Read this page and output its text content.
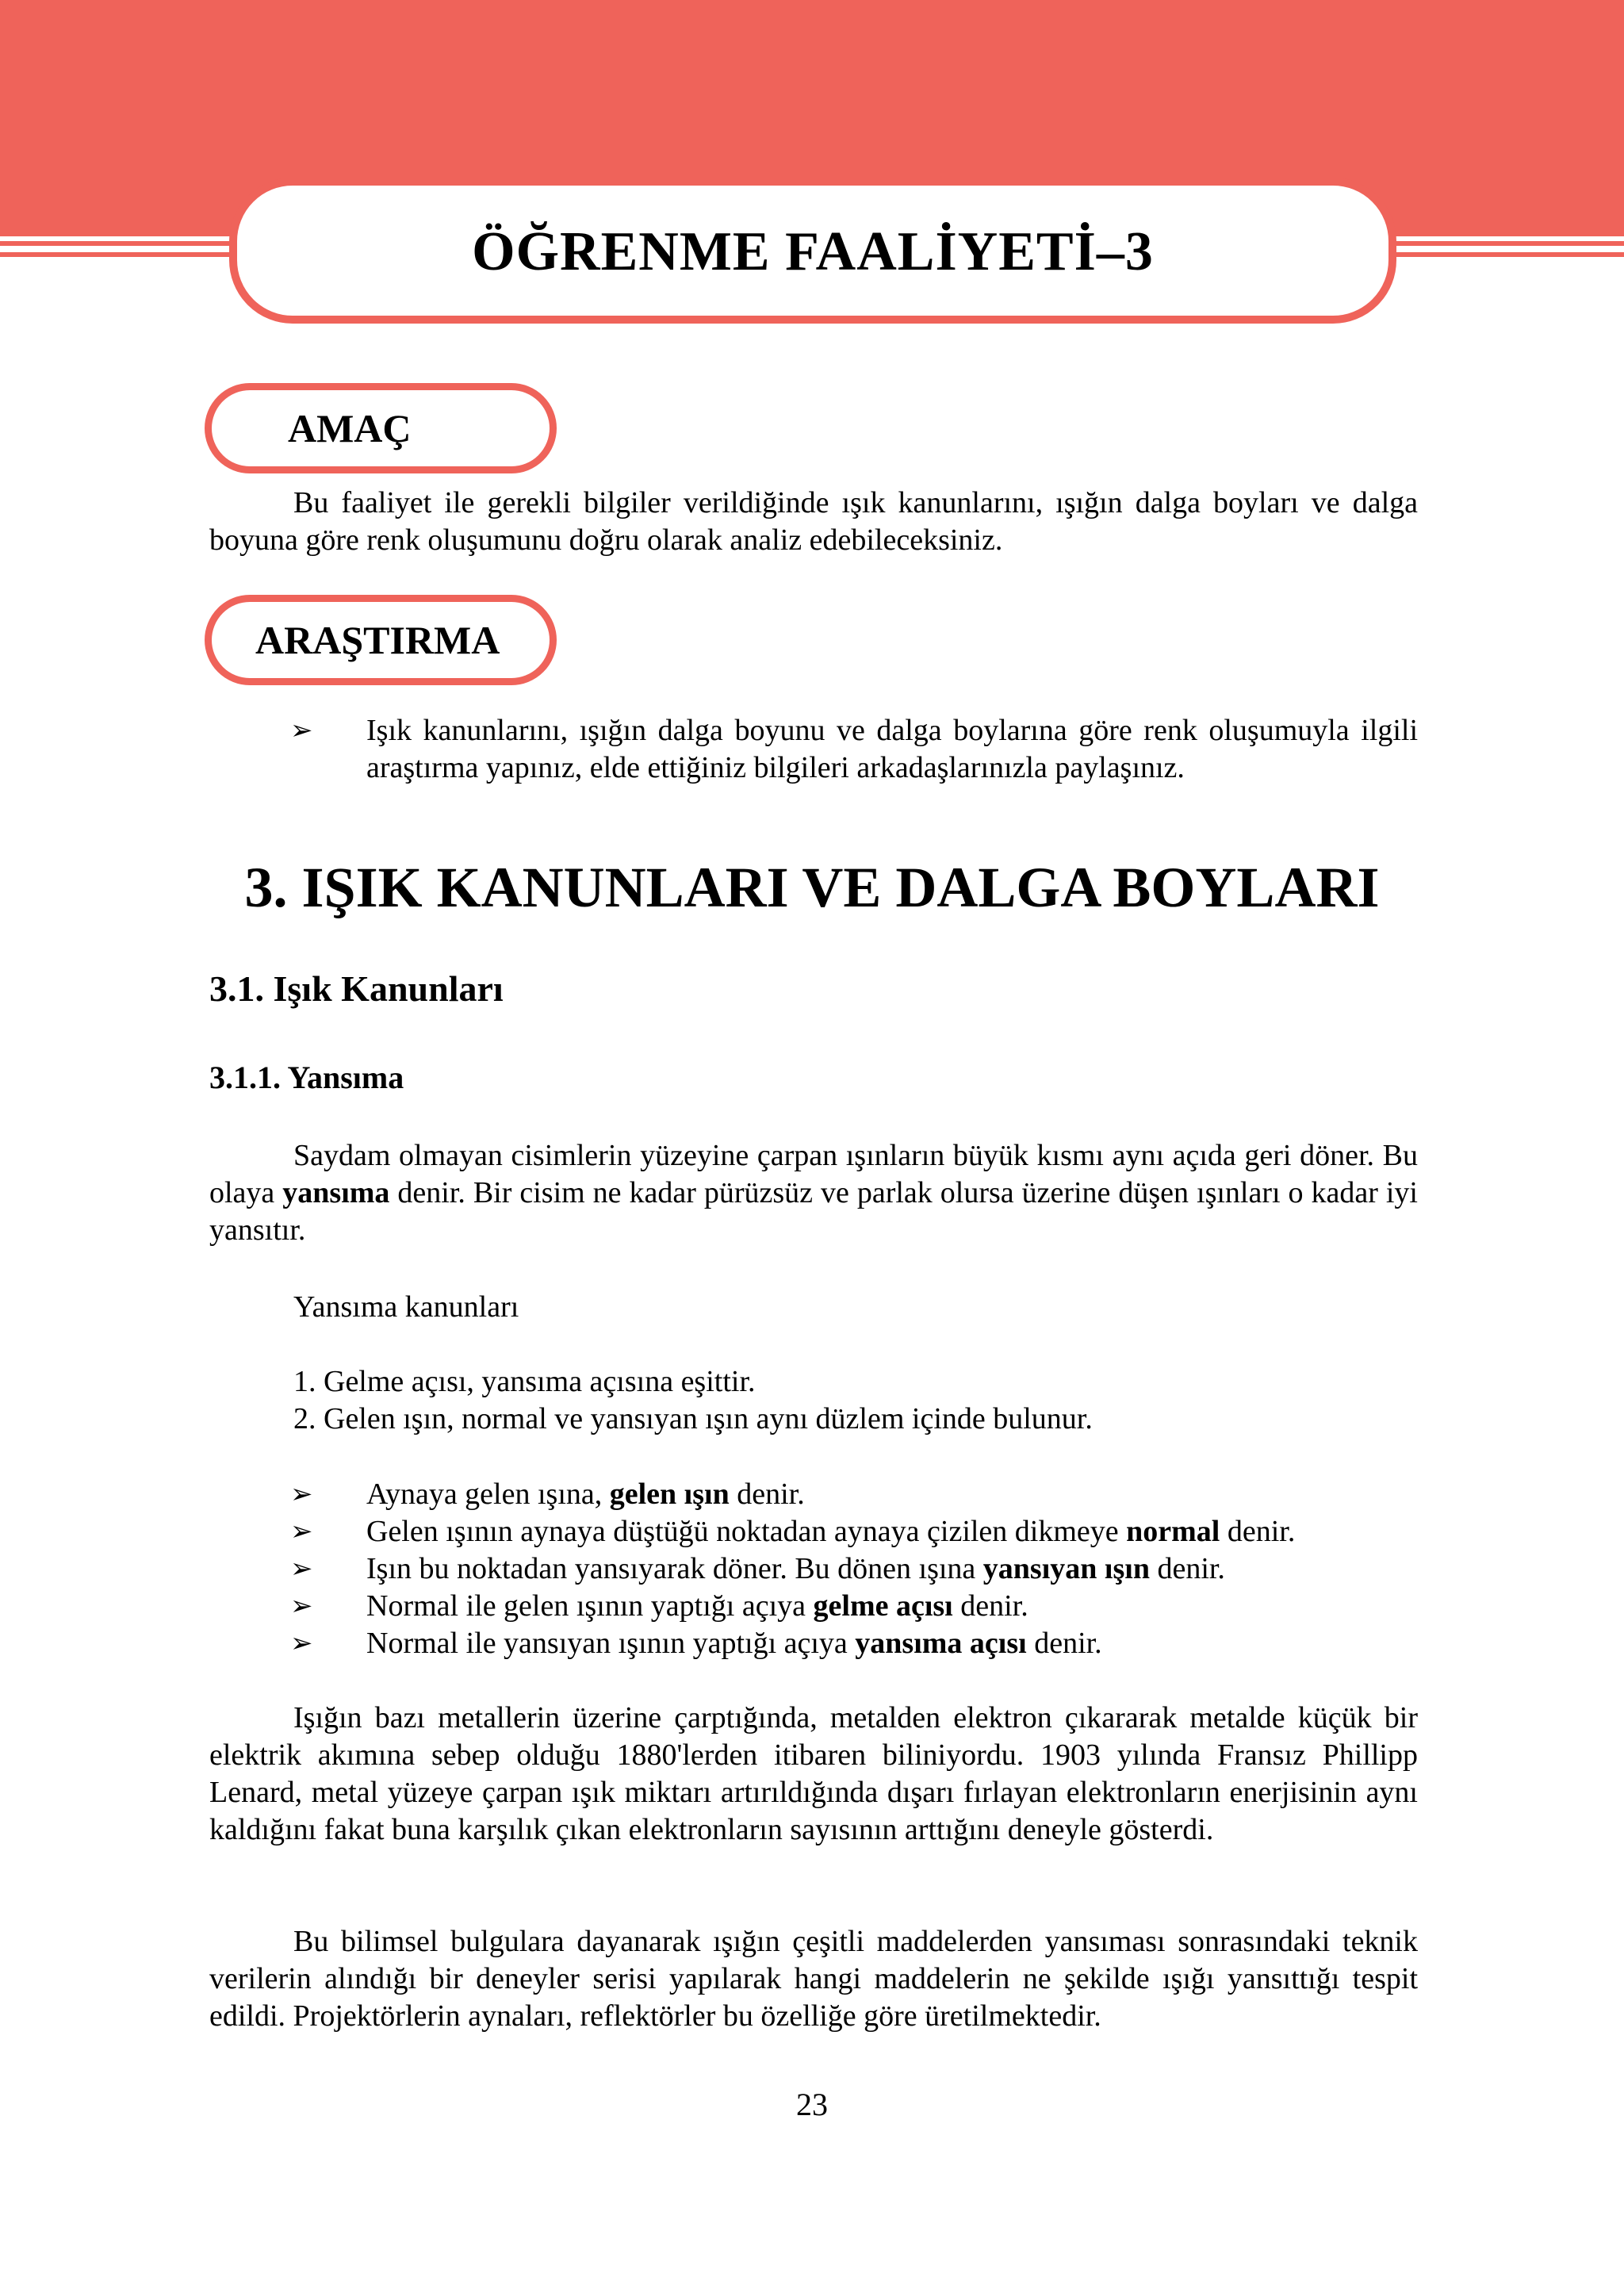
ÖĞRENME FAALİYETİ–3
AMAÇ

Bu faaliyet ile gerekli bilgiler verildiğinde ışık kanunlarını, ışığın dalga boyları ve dalga boyuna göre renk oluşumunu doğru olarak analiz edebileceksiniz.

ARAŞTIRMA
➢ Işık kanunlarını, ışığın dalga boyunu ve dalga boylarına göre renk oluşumuyla ilgili araştırma yapınız, elde ettiğiniz bilgileri arkadaşlarınızla paylaşınız.
3. IŞIK KANUNLARI VE DALGA BOYLARI
3.1. Işık Kanunları
3.1.1. Yansıma

Saydam olmayan cisimlerin yüzeyine çarpan ışınların büyük kısmı aynı açıda geri döner. Bu olaya yansıma denir. Bir cisim ne kadar pürüzsüz ve parlak olursa üzerine düşen ışınları o kadar iyi yansıtır.

Yansıma kanunları
1. Gelme açısı, yansıma açısına eşittir.
2. Gelen ışın, normal ve yansıyan ışın aynı düzlem içinde bulunur.
➢ Aynaya gelen ışına, gelen ışın denir.
➢ Gelen ışının aynaya düştüğü noktadan aynaya çizilen dikmeye normal denir.
➢ Işın bu noktadan yansıyarak döner. Bu dönen ışına yansıyan ışın denir.
➢ Normal ile gelen ışının yaptığı açıya gelme açısı denir.
➢ Normal ile yansıyan ışının yaptığı açıya yansıma açısı denir.

Işığın bazı metallerin üzerine çarptığında, metalden elektron çıkararak metalde küçük bir elektrik akımına sebep olduğu 1880'lerden itibaren biliniyordu. 1903 yılında Fransız Phillipp Lenard, metal yüzeye çarpan ışık miktarı artırıldığında dışarı fırlayan elektronların enerjisinin aynı kaldığını fakat buna karşılık çıkan elektronların sayısının arttığını deneyle gösterdi.

Bu bilimsel bulgulara dayanarak ışığın çeşitli maddelerden yansıması sonrasındaki teknik verilerin alındığı bir deneyler serisi yapılarak hangi maddelerin ne şekilde ışığı yansıttığı tespit edildi. Projektörlerin aynaları, reflektörler bu özelliğe göre üretilmektedir.

23
